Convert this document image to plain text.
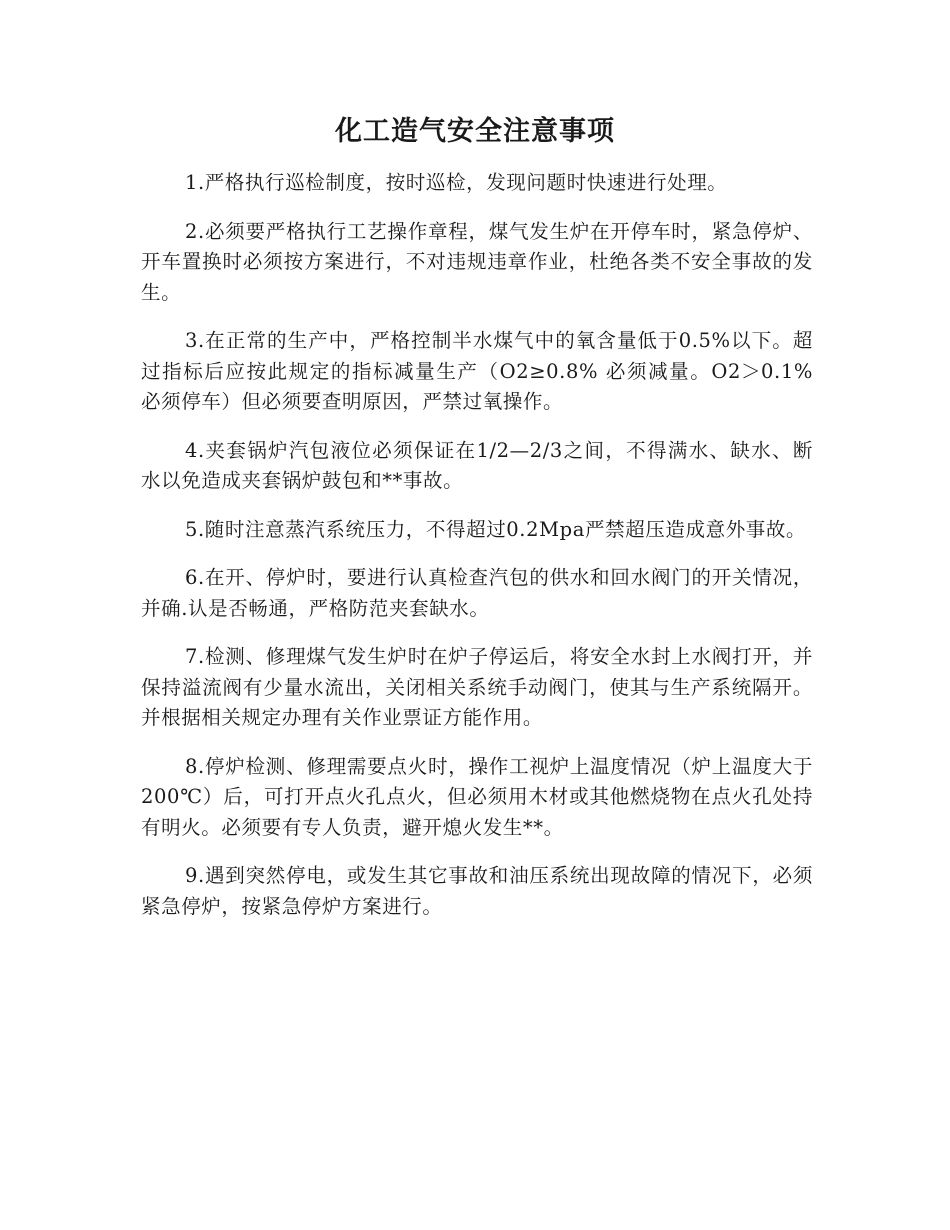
化工造气安全注意事项

1.严格执行巡检制度，按时巡检，发现问题时快速进行处理。

2.必须要严格执行工艺操作章程，煤气发生炉在开停车时，紧急停炉、开车置换时必须按方案进行，不对违规违章作业，杜绝各类不安全事故的发生。

3.在正常的生产中，严格控制半水煤气中的氧含量低于0.5%以下。超过指标后应按此规定的指标减量生产（O2≥0.8% 必须减量。O2＞0.1% 必须停车）但必须要查明原因，严禁过氧操作。

4.夹套锅炉汽包液位必须保证在1/2—2/3之间，不得满水、缺水、断水以免造成夹套锅炉鼓包和**事故。

5.随时注意蒸汽系统压力，不得超过0.2Mpa严禁超压造成意外事故。

6.在开、停炉时，要进行认真检查汽包的供水和回水阀门的开关情况，并确.认是否畅通，严格防范夹套缺水。

7.检测、修理煤气发生炉时在炉子停运后，将安全水封上水阀打开，并保持溢流阀有少量水流出，关闭相关系统手动阀门，使其与生产系统隔开。并根据相关规定办理有关作业票证方能作用。

8.停炉检测、修理需要点火时，操作工视炉上温度情况（炉上温度大于200℃）后，可打开点火孔点火，但必须用木材或其他燃烧物在点火孔处持有明火。必须要有专人负责，避开熄火发生**。

9.遇到突然停电，或发生其它事故和油压系统出现故障的情况下，必须紧急停炉，按紧急停炉方案进行。
